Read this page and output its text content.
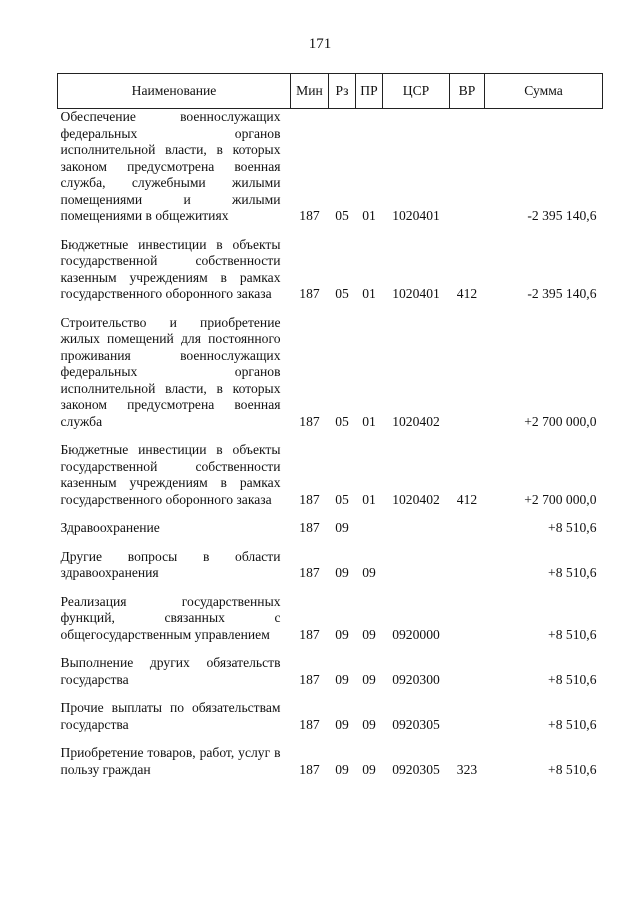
171
Наименование	Мин	Рз	ПР	ЦСР	ВР	Сумма
Обеспечение военнослужащих федеральных органов исполнительной власти, в которых законом предусмотрена военная служба, служебными жилыми помещениями и жилыми помещениями в общежитиях	187	05	01	1020401		-2 395 140,6
Бюджетные инвестиции в объекты государственной собственности казенным учреждениям в рамках государственного оборонного заказа	187	05	01	1020401	412	-2 395 140,6
Строительство и приобретение жилых помещений для постоянного проживания военнослужащих федеральных органов исполнительной власти, в которых законом предусмотрена военная служба	187	05	01	1020402		+2 700 000,0
Бюджетные инвестиции в объекты государственной собственности казенным учреждениям в рамках государственного оборонного заказа	187	05	01	1020402	412	+2 700 000,0
Здравоохранение	187	09				+8 510,6
Другие вопросы в области здравоохранения	187	09	09			+8 510,6
Реализация государственных функций, связанных с общегосударственным управлением	187	09	09	0920000		+8 510,6
Выполнение других обязательств государства	187	09	09	0920300		+8 510,6
Прочие выплаты по обязательствам государства	187	09	09	0920305		+8 510,6
Приобретение товаров, работ, услуг в пользу граждан	187	09	09	0920305	323	+8 510,6
